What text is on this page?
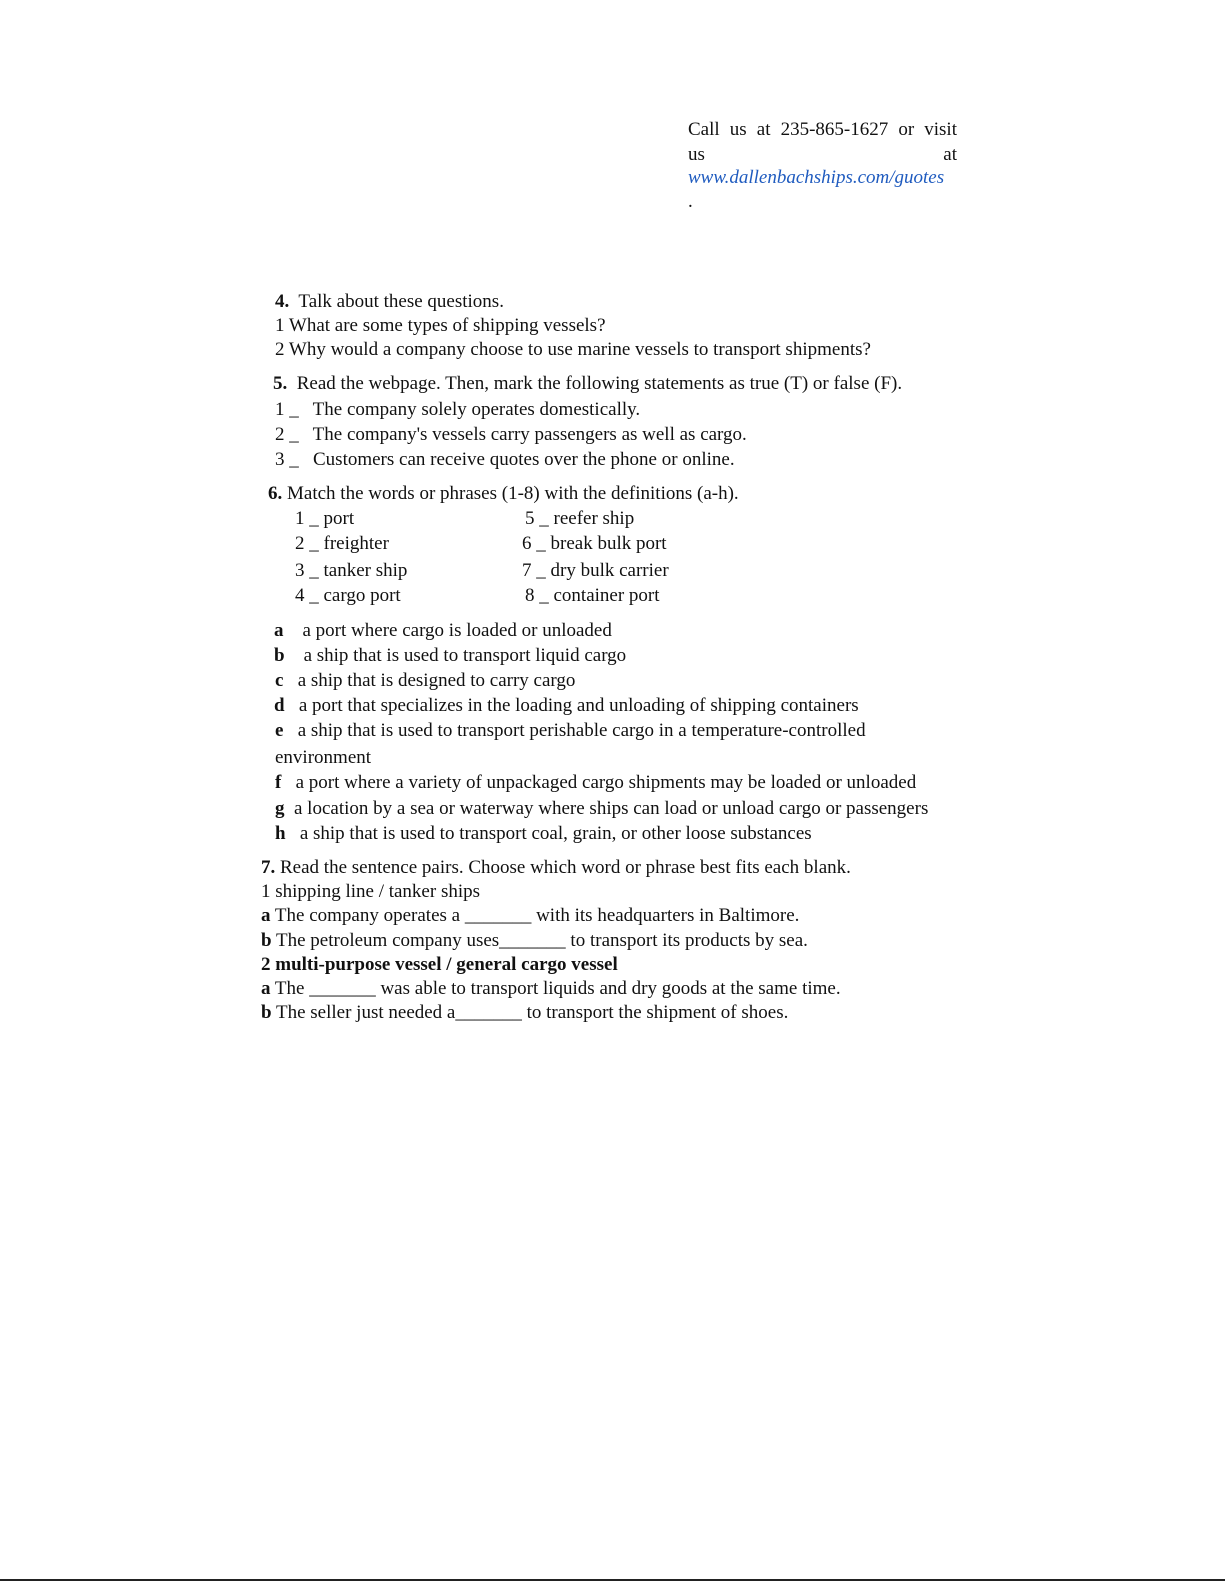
Call us at 235-865-1627 or visit
us	at
www.dallenbachships.com/guotes
.
4. Talk about these questions.
1 What are some types of shipping vessels?
2 Why would a company choose to use marine vessels to transport shipments?
5. Read the webpage. Then, mark the following statements as true (T) or false (F).
1 _ The company solely operates domestically.
2 _ The company's vessels carry passengers as well as cargo.
3 _ Customers can receive quotes over the phone or online.
6. Match the words or phrases (1-8) with the definitions (a-h).
1 _ port
2 _ freighter
3 _ tanker ship
4 _ cargo port
5 _ reefer ship
6 _ break bulk port
7 _ dry bulk carrier
8 _ container port
a a port where cargo is loaded or unloaded
b a ship that is used to transport liquid cargo
c a ship that is designed to carry cargo
d a port that specializes in the loading and unloading of shipping containers
e a ship that is used to transport perishable cargo in a temperature-controlled
environment
f a port where a variety of unpackaged cargo shipments may be loaded or unloaded
g a location by a sea or waterway where ships can load or unload cargo or passengers
h a ship that is used to transport coal, grain, or other loose substances
7. Read the sentence pairs. Choose which word or phrase best fits each blank.
1 shipping line / tanker ships
a The company operates a _______ with its headquarters in Baltimore.
b The petroleum company uses_______ to transport its products by sea.
2 multi-purpose vessel / general cargo vessel
a The _______ was able to transport liquids and dry goods at the same time.
b The seller just needed a_______ to transport the shipment of shoes.
